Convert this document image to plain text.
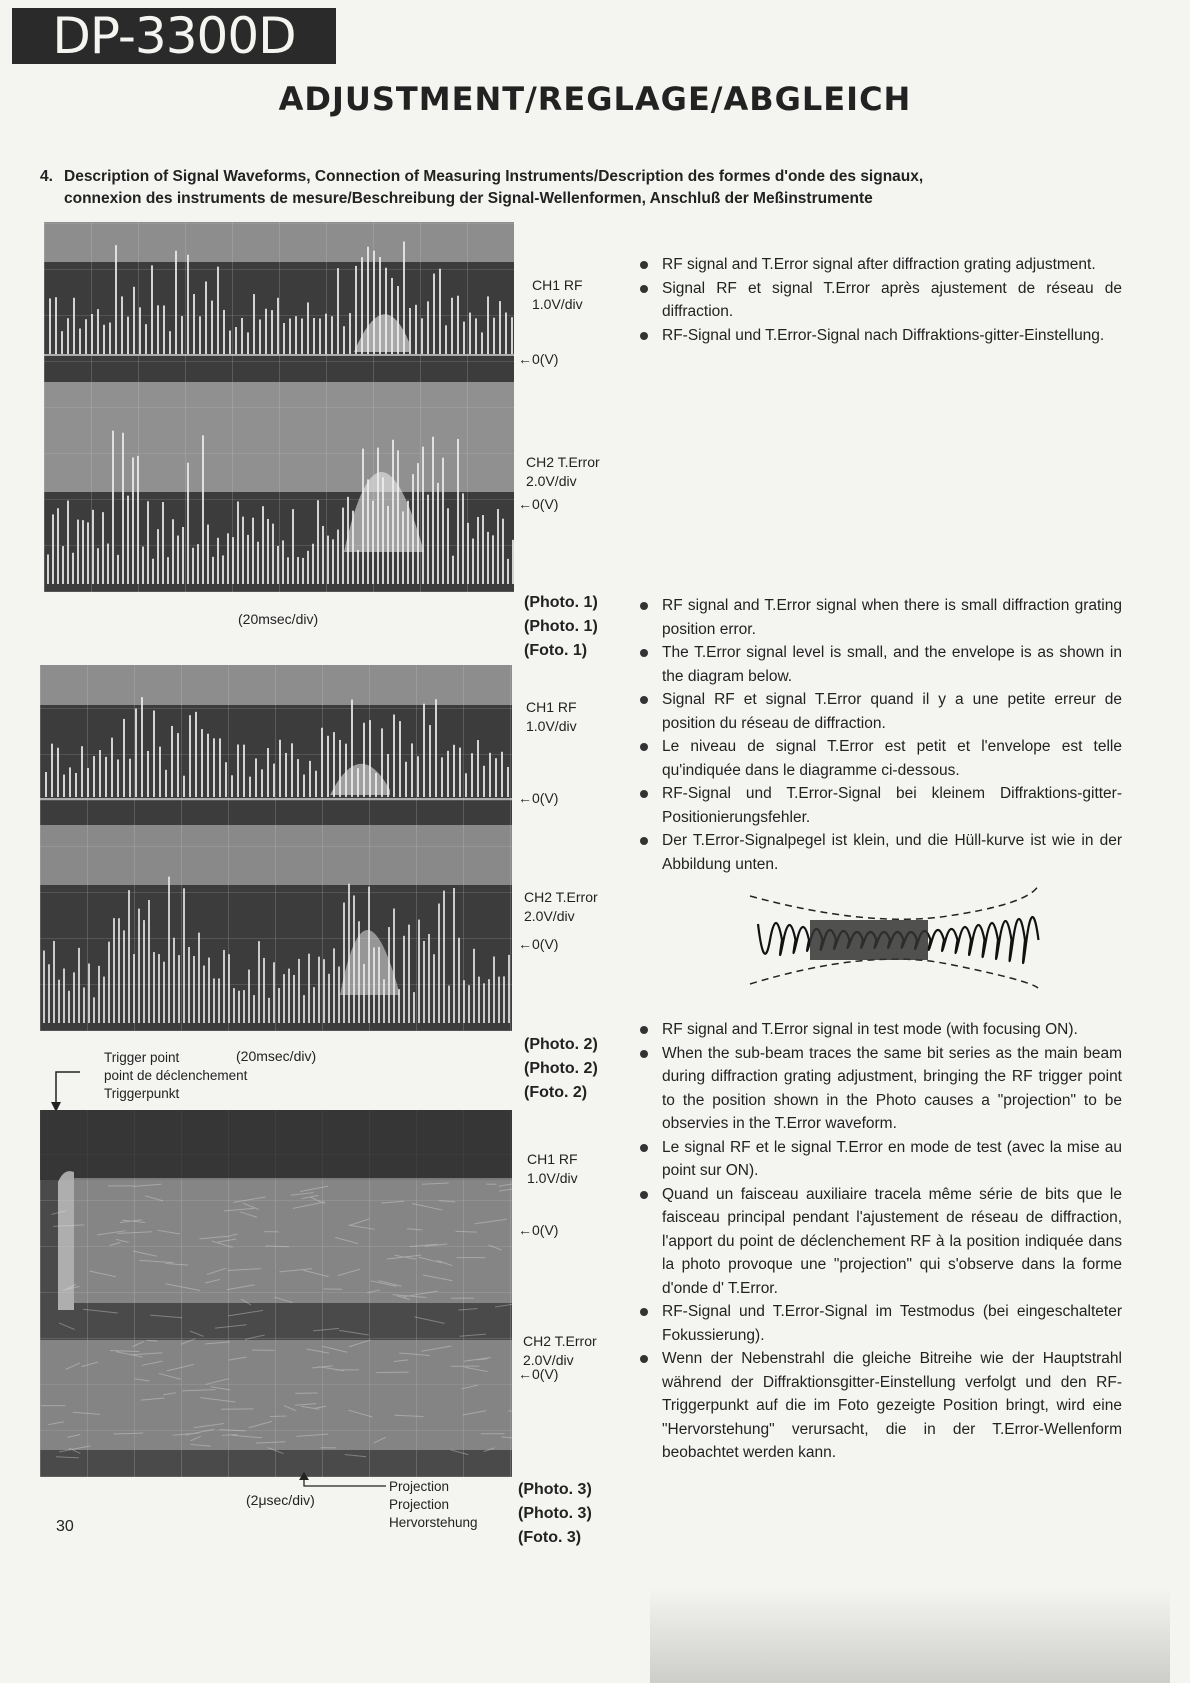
DP-3300D
ADJUSTMENT/REGLAGE/ABGLEICH
4. Description of Signal Waveforms, Connection of Measuring Instruments/Description des formes d'onde des signaux,
connexion des instruments de mesure/Beschreibung der Signal-Wellenformen, Anschluß der Meßinstrumente
CH1 RF
1.0V/div
←0(V)
CH2 T.Error
2.0V/div
←0(V)
(20msec/div)
(Photo. 1)
(Photo. 1)
(Foto. 1)
CH1 RF
1.0V/div
←0(V)
CH2 T.Error
2.0V/div
←0(V)
(Photo. 2)
(Photo. 2)
(Foto. 2)
Trigger point
point de déclenchement
Triggerpunkt
(20msec/div)
CH1 RF
1.0V/div
←0(V)
CH2 T.Error
2.0V/div
←0(V)
Projection
Projection
Hervorstehung
(2μsec/div)
(Photo. 3)
(Photo. 3)
(Foto. 3)
RF signal and T.Error signal after diffraction grating adjustment.
Signal RF et signal T.Error après ajustement de réseau de diffraction.
RF-Signal und T.Error-Signal nach Diffraktions-gitter-Einstellung.
RF signal and T.Error signal when there is small diffraction grating position error.
The T.Error signal level is small, and the envelope is as shown in the diagram below.
Signal RF et signal T.Error quand il y a une petite erreur de position du réseau de diffraction.
Le niveau de signal T.Error est petit et l'envelope est telle qu'indiquée dans le diagramme ci-dessous.
RF-Signal und T.Error-Signal bei kleinem Diffraktions-gitter-Positionierungsfehler.
Der T.Error-Signalpegel ist klein, und die Hüll-kurve ist wie in der Abbildung unten.
RF signal and T.Error signal in test mode (with focusing ON).
When the sub-beam traces the same bit series as the main beam during diffraction grating adjustment, bringing the RF trigger point to the position shown in the Photo causes a "projection" to be observies in the T.Error waveform.
Le signal RF et le signal T.Error en mode de test (avec la mise au point sur ON).
Quand un faisceau auxiliaire tracela même série de bits que le faisceau principal pendant l'ajustement de réseau de diffraction, l'apport du point de déclenchement RF à la position indiquée dans la photo provoque une "projection" qui s'observe dans la forme d'onde d' T.Error.
RF-Signal und T.Error-Signal im Testmodus (bei eingeschalteter Fokussierung).
Wenn der Nebenstrahl die gleiche Bitreihe wie der Hauptstrahl während der Diffraktionsgitter-Einstellung verfolgt und den RF-Triggerpunkt auf die im Foto gezeigte Position bringt, wird eine "Hervorstehung" verursacht, die in der T.Error-Wellenform beobachtet werden kann.
30
